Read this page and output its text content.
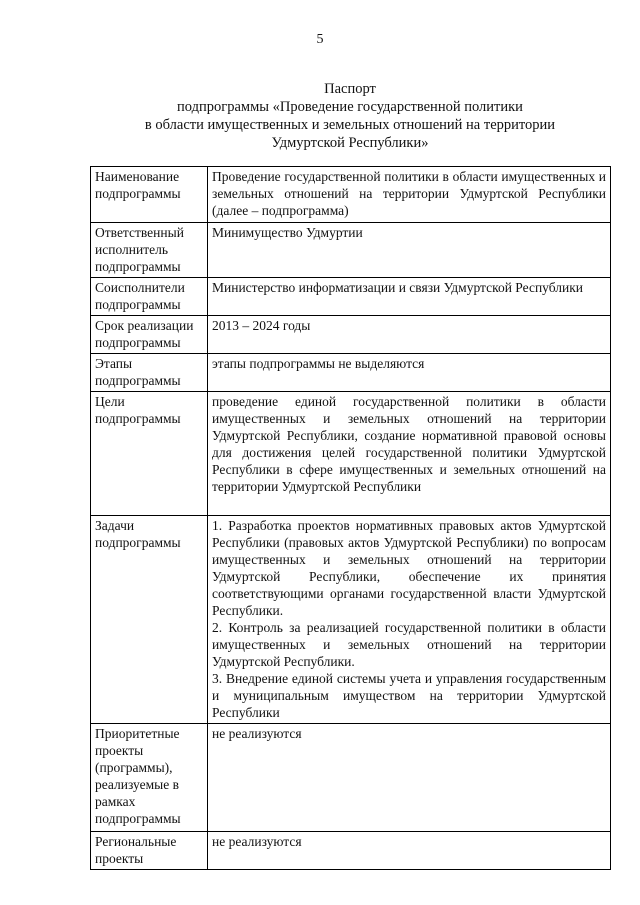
5
Паспорт
подпрограммы «Проведение государственной политики
в области имущественных и земельных отношений на территории
Удмуртской Республики»
Наименование подпрограммы	Проведение государственной политики в области имущественных и земельных отношений на территории Удмуртской Республики (далее – подпрограмма)

Ответственный исполнитель подпрограммы	Минимущество Удмуртии

Соисполнители подпрограммы	Министерство информатизации и связи Удмуртской Республики

Срок реализации подпрограммы	2013 – 2024 годы

Этапы подпрограммы	этапы подпрограммы не выделяются

Цели подпрограммы	проведение единой государственной политики в области имущественных и земельных отношений на территории Удмуртской Республики, создание нормативной правовой основы для достижения целей государственной политики Удмуртской Республики в сфере имущественных и земельных отношений на территории Удмуртской Республики

Задачи подпрограммы	1. Разработка проектов нормативных правовых актов Удмуртской Республики (правовых актов Удмуртской Республики) по вопросам имущественных и земельных отношений на территории Удмуртской Республики, обеспечение их принятия соответствующими органами государственной власти Удмуртской Республики.

2. Контроль за реализацией государственной политики в области имущественных и земельных отношений на территории Удмуртской Республики.

3. Внедрение единой системы учета и управления государственным и муниципальным имуществом на территории Удмуртской Республики

Приоритетные проекты (программы), реализуемые в рамках подпрограммы	не реализуются

Региональные проекты	не реализуются
